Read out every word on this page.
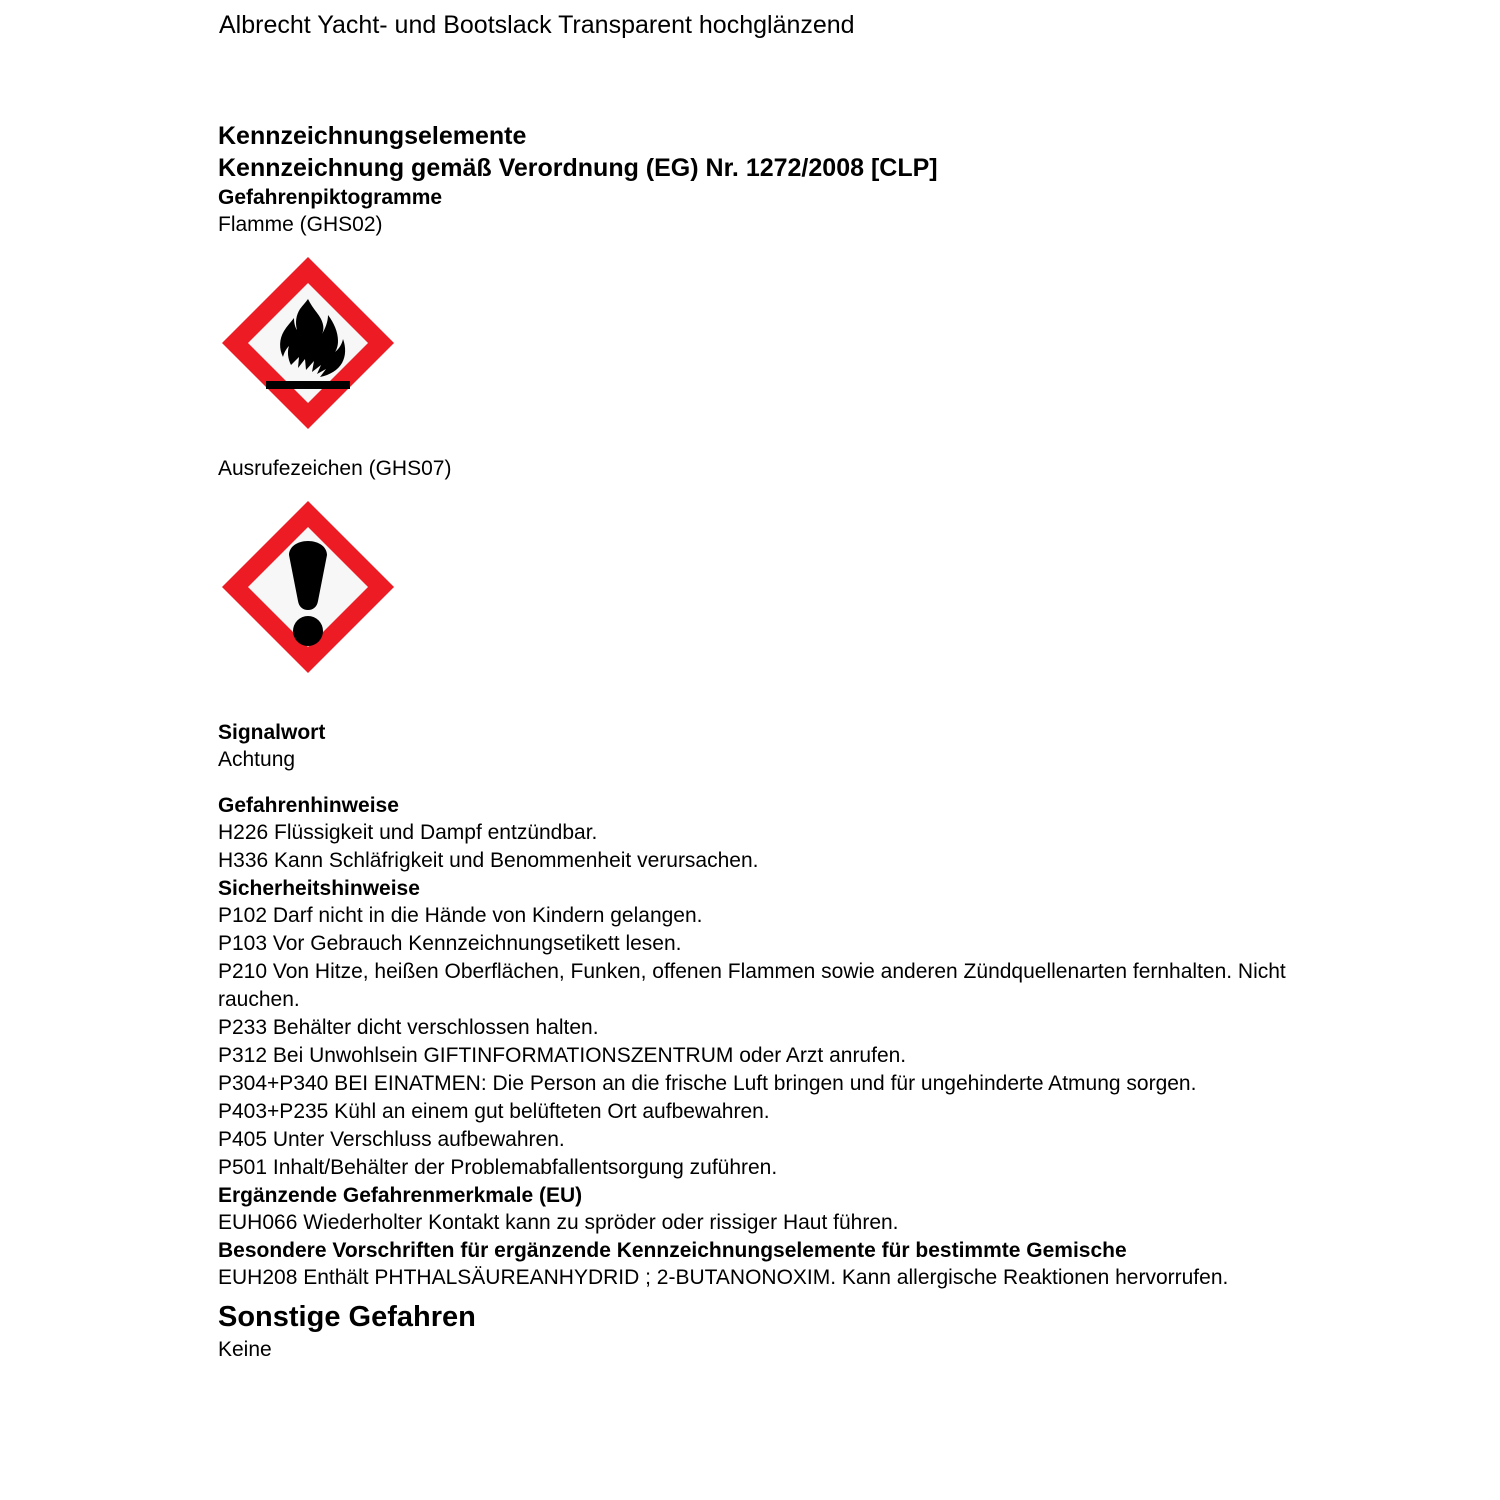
Albrecht Yacht- und Bootslack Transparent hochglänzend
Kennzeichnungselemente
Kennzeichnung gemäß Verordnung (EG) Nr. 1272/2008 [CLP]
Gefahrenpiktogramme
Flamme (GHS02)
Ausrufezeichen (GHS07)
Signalwort
Achtung
Gefahrenhinweise
H226 Flüssigkeit und Dampf entzündbar.
H336 Kann Schläfrigkeit und Benommenheit verursachen.
Sicherheitshinweise
P102 Darf nicht in die Hände von Kindern gelangen.
P103 Vor Gebrauch Kennzeichnungsetikett lesen.
P210 Von Hitze, heißen Oberflächen, Funken, offenen Flammen sowie anderen Zündquellenarten fernhalten. Nicht rauchen.
P233 Behälter dicht verschlossen halten.
P312 Bei Unwohlsein GIFTINFORMATIONSZENTRUM oder Arzt anrufen.
P304+P340 BEI EINATMEN: Die Person an die frische Luft bringen und für ungehinderte Atmung sorgen.
P403+P235 Kühl an einem gut belüfteten Ort aufbewahren.
P405 Unter Verschluss aufbewahren.
P501 Inhalt/Behälter der Problemabfallentsorgung zuführen.
Ergänzende Gefahrenmerkmale (EU)
EUH066 Wiederholter Kontakt kann zu spröder oder rissiger Haut führen.
Besondere Vorschriften für ergänzende Kennzeichnungselemente für bestimmte Gemische
EUH208 Enthält PHTHALSÄUREANHYDRID ; 2-BUTANONOXIM. Kann allergische Reaktionen hervorrufen.
Sonstige Gefahren
Keine
